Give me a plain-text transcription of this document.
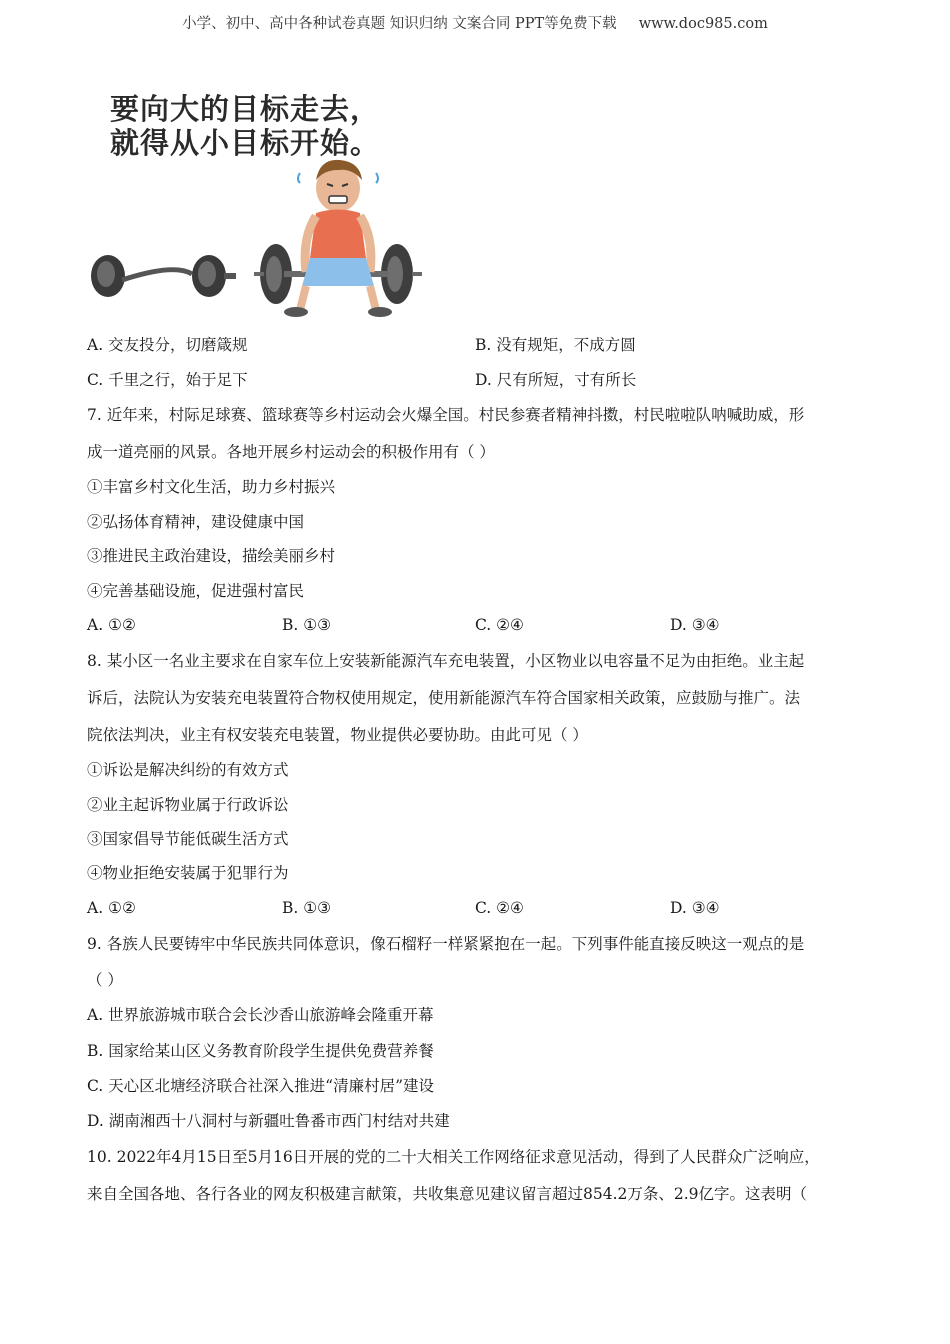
小学、初中、高中各种试卷真题 知识归纳 文案合同 PPT等免费下载 www.doc985.com
要向大的目标走去，
就得从小目标开始。
A. 交友投分，切磨箴规	B. 没有规矩，不成方圆
C. 千里之行，始于足下	D. 尺有所短，寸有所长
7. 近年来，村际足球赛、篮球赛等乡村运动会火爆全国。村民参赛者精神抖擞，村民啦啦队呐喊助威，形
成一道亮丽的风景。各地开展乡村运动会的积极作用有（ ）
①丰富乡村文化生活，助力乡村振兴
②弘扬体育精神，建设健康中国
③推进民主政治建设，描绘美丽乡村
④完善基础设施，促进强村富民
A. ①②	B. ①③	C. ②④	D. ③④
8. 某小区一名业主要求在自家车位上安装新能源汽车充电装置，小区物业以电容量不足为由拒绝。业主起
诉后，法院认为安装充电装置符合物权使用规定，使用新能源汽车符合国家相关政策，应鼓励与推广。法
院依法判决，业主有权安装充电装置，物业提供必要协助。由此可见（ ）
①诉讼是解决纠纷的有效方式
②业主起诉物业属于行政诉讼
③国家倡导节能低碳生活方式
④物业拒绝安装属于犯罪行为
A. ①②	B. ①③	C. ②④	D. ③④
9. 各族人民要铸牢中华民族共同体意识，像石榴籽一样紧紧抱在一起。下列事件能直接反映这一观点的是
（ ）
A. 世界旅游城市联合会长沙香山旅游峰会隆重开幕
B. 国家给某山区义务教育阶段学生提供免费营养餐
C. 天心区北塘经济联合社深入推进“清廉村居”建设
D. 湖南湘西十八洞村与新疆吐鲁番市西门村结对共建
10. 2022年4月15日至5月16日开展的党的二十大相关工作网络征求意见活动，得到了人民群众广泛响应，
来自全国各地、各行各业的网友积极建言献策，共收集意见建议留言超过854.2万条、2.9亿字。这表明（
